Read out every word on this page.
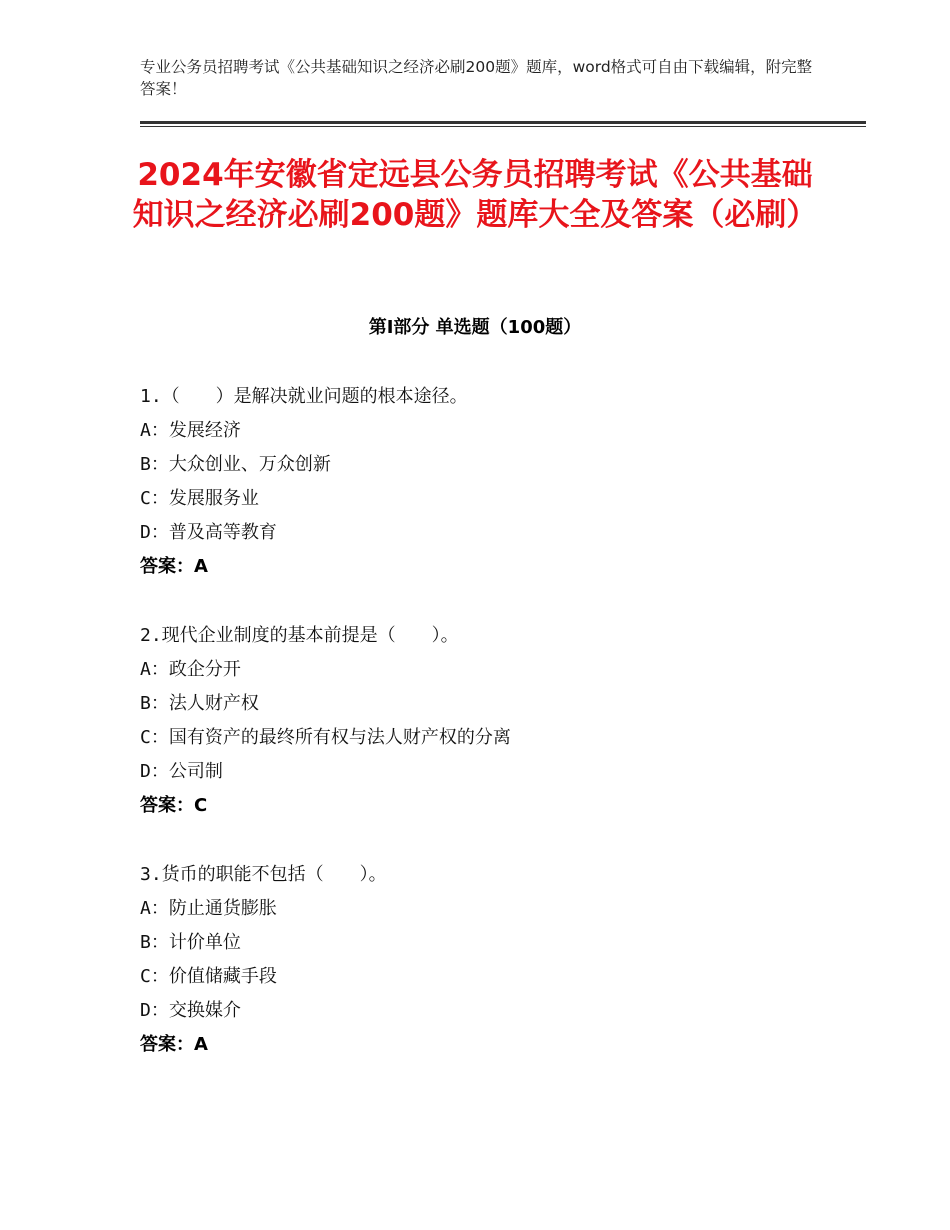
专业公务员招聘考试《公共基础知识之经济必刷200题》题库，word格式可自由下载编辑，附完整答案！
2024年安徽省定远县公务员招聘考试《公共基础知识之经济必刷200题》题库大全及答案（必刷）
第Ⅰ部分 单选题（100题）
1.（　　）是解决就业问题的根本途径。
A：发展经济
B：大众创业、万众创新
C：发展服务业
D：普及高等教育
答案：A
2.现代企业制度的基本前提是（　　）。
A：政企分开
B：法人财产权
C：国有资产的最终所有权与法人财产权的分离
D：公司制
答案：C
3.货币的职能不包括（　　）。
A：防止通货膨胀
B：计价单位
C：价值储藏手段
D：交换媒介
答案：A
